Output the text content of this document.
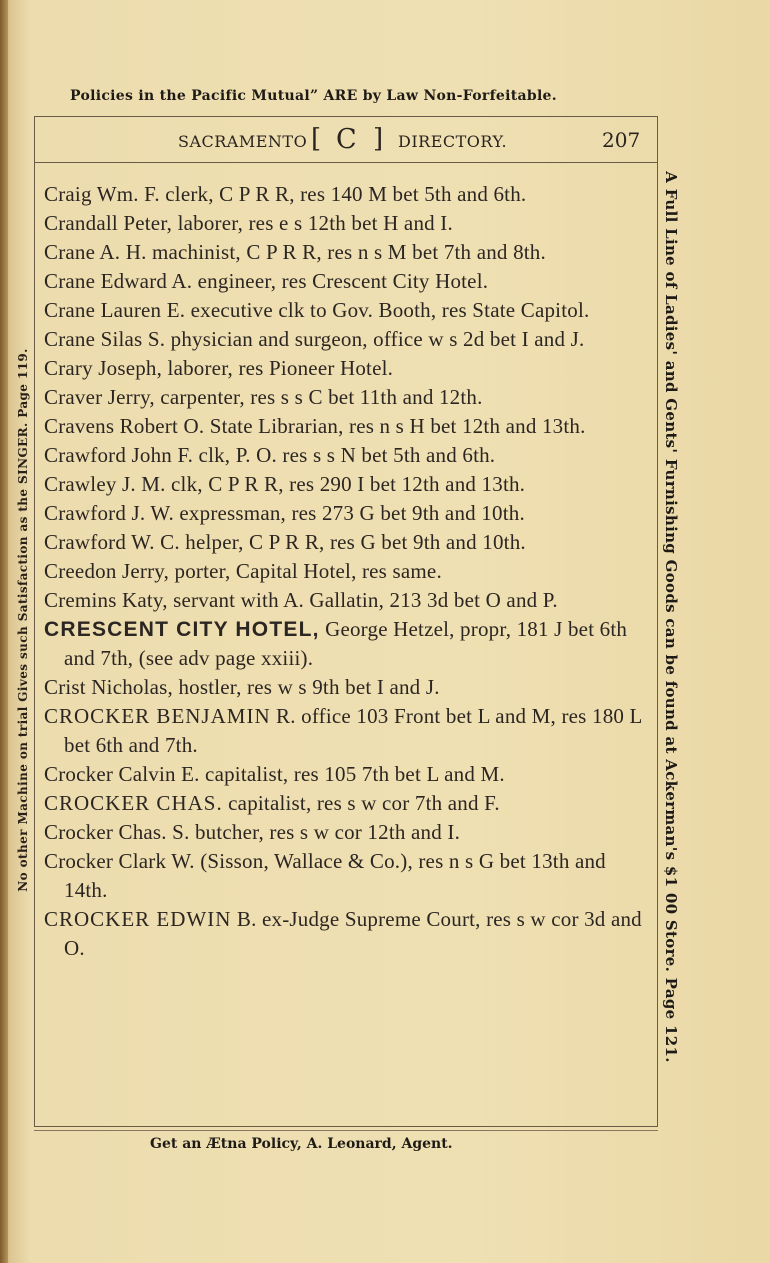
Policies in the Pacific Mutual” ARE by Law Non-Forfeitable.
SACRAMENTO [ C ] DIRECTORY.	207
No other Machine on trial Gives such Satisfaction as the SINGER. Page 119.	A Full Line of Ladies' and Gents' Furnishing Goods can be found at Ackerman's $1 00 Store. Page 121.
Craig Wm. F. clerk, C P R R, res 140 M bet 5th and 6th.
Crandall Peter, laborer, res e s 12th bet H and I.
Crane A. H. machinist, C P R R, res n s M bet 7th and 8th.
Crane Edward A. engineer, res Crescent City Hotel.
Crane Lauren E. executive clk to Gov. Booth, res State Capitol.
Crane Silas S. physician and surgeon, office w s 2d bet I and J.
Crary Joseph, laborer, res Pioneer Hotel.
Craver Jerry, carpenter, res s s C bet 11th and 12th.
Cravens Robert O. State Librarian, res n s H bet 12th and 13th.
Crawford John F. clk, P. O. res s s N bet 5th and 6th.
Crawley J. M. clk, C P R R, res 290 I bet 12th and 13th.
Crawford J. W. expressman, res 273 G bet 9th and 10th.
Crawford W. C. helper, C P R R, res G bet 9th and 10th.
Creedon Jerry, porter, Capital Hotel, res same.
Cremins Katy, servant with A. Gallatin, 213 3d bet O and P.
CRESCENT CITY HOTEL, George Hetzel, propr, 181 J bet 6th and 7th, (see adv page xxiii).
Crist Nicholas, hostler, res w s 9th bet I and J.
CROCKER BENJAMIN R. office 103 Front bet L and M, res 180 L bet 6th and 7th.
Crocker Calvin E. capitalist, res 105 7th bet L and M.
CROCKER CHAS. capitalist, res s w cor 7th and F.
Crocker Chas. S. butcher, res s w cor 12th and I.
Crocker Clark W. (Sisson, Wallace & Co.), res n s G bet 13th and 14th.
CROCKER EDWIN B. ex-Judge Supreme Court, res s w cor 3d and O.
Get an Ætna Policy, A. Leonard, Agent.
